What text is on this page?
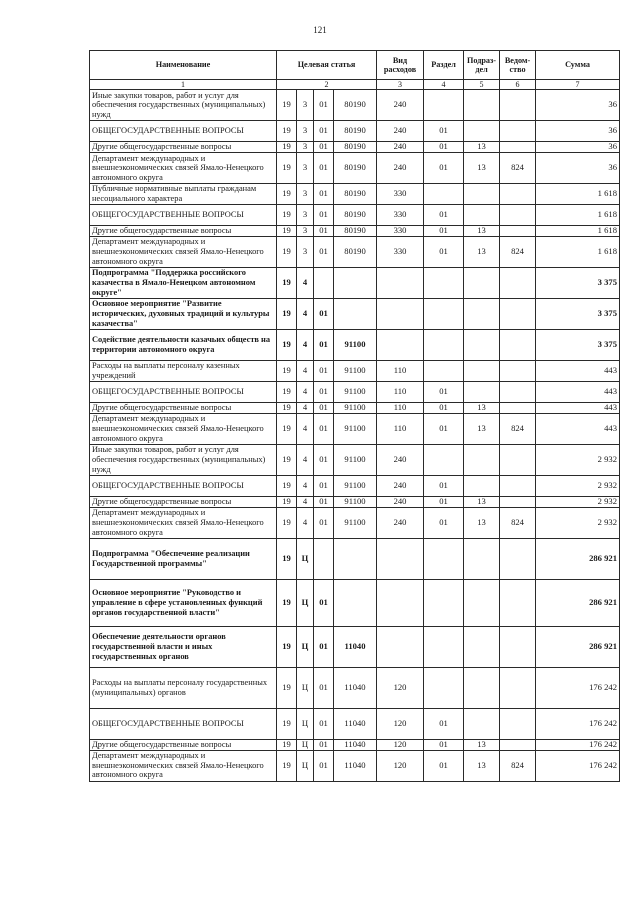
121
Наименование	Целевая статья				Вид расходов	Раздел	Подраз-дел	Ведом-ство	Сумма
1	2				3	4	5	6	7
Иные закупки товаров, работ и услуг для обеспечения государственных (муниципальных) нужд	19	3	01	80190	240				36
ОБЩЕГОСУДАРСТВЕННЫЕ ВОПРОСЫ	19	3	01	80190	240	01			36
Другие общегосударственные вопросы	19	3	01	80190	240	01	13		36
Департамент международных и внешнеэкономических связей Ямало-Ненецкого автономного округа	19	3	01	80190	240	01	13	824	36
Публичные нормативные выплаты гражданам несоциального характера	19	3	01	80190	330				1 618
ОБЩЕГОСУДАРСТВЕННЫЕ ВОПРОСЫ	19	3	01	80190	330	01			1 618
Другие общегосударственные вопросы	19	3	01	80190	330	01	13		1 618
Департамент международных и внешнеэкономических связей Ямало-Ненецкого автономного округа	19	3	01	80190	330	01	13	824	1 618
Подпрограмма "Поддержка российского казачества в Ямало-Ненецком автономном округе"	19	4							3 375
Основное мероприятие "Развитие исторических, духовных традиций и культуры казачества"	19	4	01						3 375
Содействие деятельности казачьих обществ на территории автономного округа	19	4	01	91100					3 375
Расходы на выплаты персоналу казенных учреждений	19	4	01	91100	110				443
ОБЩЕГОСУДАРСТВЕННЫЕ ВОПРОСЫ	19	4	01	91100	110	01			443
Другие общегосударственные вопросы	19	4	01	91100	110	01	13		443
Департамент международных и внешнеэкономических связей Ямало-Ненецкого автономного округа	19	4	01	91100	110	01	13	824	443
Иные закупки товаров, работ и услуг для обеспечения государственных (муниципальных) нужд	19	4	01	91100	240				2 932
ОБЩЕГОСУДАРСТВЕННЫЕ ВОПРОСЫ	19	4	01	91100	240	01			2 932
Другие общегосударственные вопросы	19	4	01	91100	240	01	13		2 932
Департамент международных и внешнеэкономических связей Ямало-Ненецкого автономного округа	19	4	01	91100	240	01	13	824	2 932
Подпрограмма "Обеспечение реализации Государственной программы"	19	Ц							286 921
Основное мероприятие "Руководство и управление в сфере установленных функций органов государственной власти"	19	Ц	01						286 921
Обеспечение деятельности органов государственной власти и иных государственных органов	19	Ц	01	11040					286 921
Расходы на выплаты персоналу государственных (муниципальных) органов	19	Ц	01	11040	120				176 242
ОБЩЕГОСУДАРСТВЕННЫЕ ВОПРОСЫ	19	Ц	01	11040	120	01			176 242
Другие общегосударственные вопросы	19	Ц	01	11040	120	01	13		176 242
Департамент международных и внешнеэкономических связей Ямало-Ненецкого автономного округа	19	Ц	01	11040	120	01	13	824	176 242
